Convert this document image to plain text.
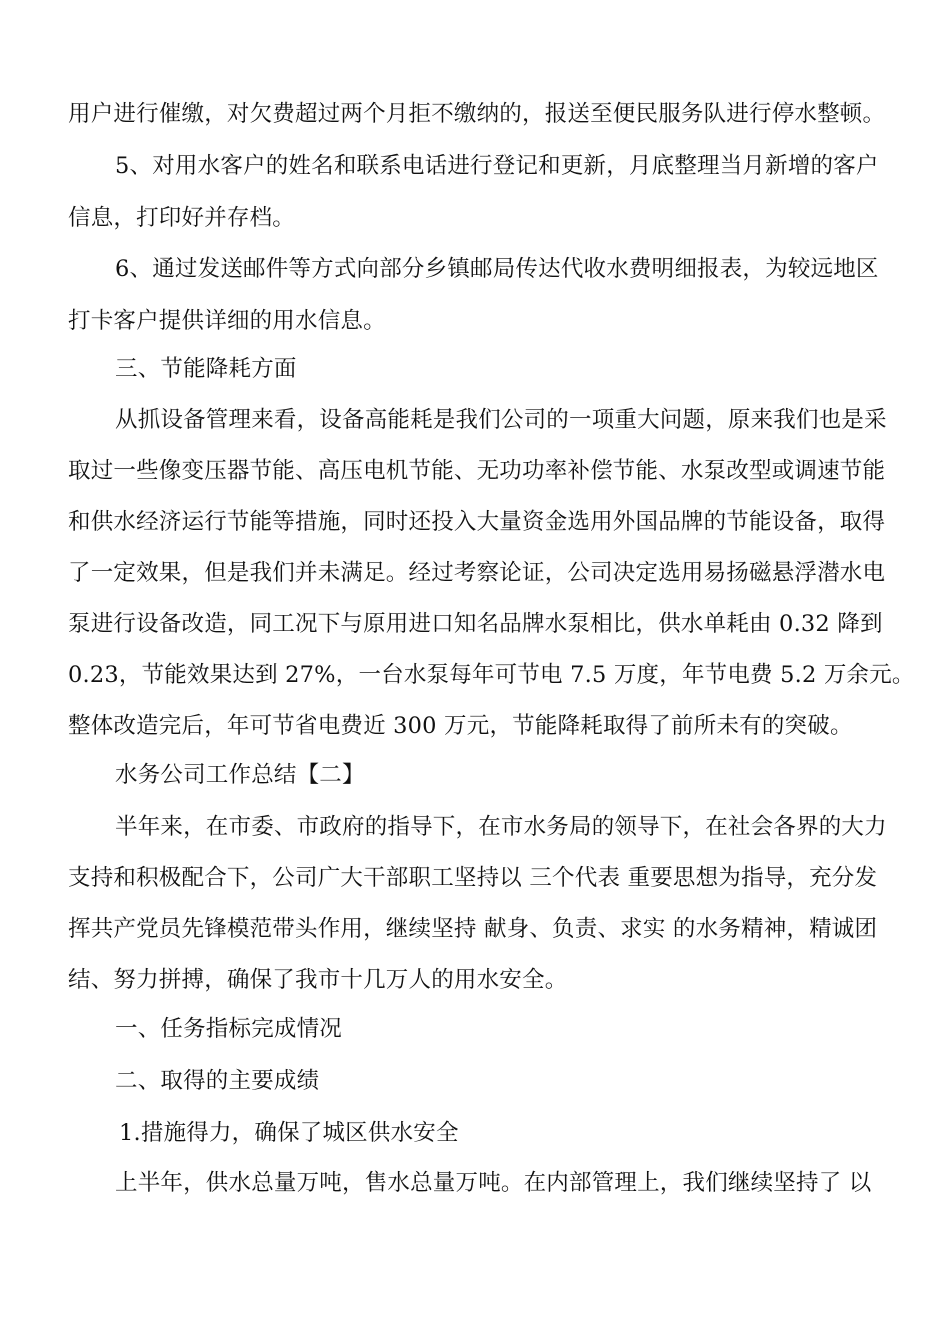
用户进行催缴，对欠费超过两个月拒不缴纳的，报送至便民服务队进行停水整顿。
5、对用水客户的姓名和联系电话进行登记和更新，月底整理当月新增的客户
信息，打印好并存档。
6、通过发送邮件等方式向部分乡镇邮局传达代收水费明细报表，为较远地区
打卡客户提供详细的用水信息。
三、节能降耗方面
从抓设备管理来看，设备高能耗是我们公司的一项重大问题，原来我们也是采
取过一些像变压器节能、高压电机节能、无功功率补偿节能、水泵改型或调速节能
和供水经济运行节能等措施，同时还投入大量资金选用外国品牌的节能设备，取得
了一定效果，但是我们并未满足。经过考察论证，公司决定选用易扬磁悬浮潜水电
泵进行设备改造，同工况下与原用进口知名品牌水泵相比，供水单耗由 0.32 降到
0.23，节能效果达到 27%，一台水泵每年可节电 7.5 万度，年节电费 5.2 万余元。
整体改造完后，年可节省电费近 300 万元，节能降耗取得了前所未有的突破。
水务公司工作总结【二】
半年来，在市委、市政府的指导下，在市水务局的领导下，在社会各界的大力
支持和积极配合下，公司广大干部职工坚持以 三个代表 重要思想为指导，充分发
挥共产党员先锋模范带头作用，继续坚持 献身、负责、求实 的水务精神，精诚团
结、努力拼搏，确保了我市十几万人的用水安全。
一、任务指标完成情况
二、取得的主要成绩
1.措施得力，确保了城区供水安全
上半年，供水总量万吨，售水总量万吨。在内部管理上，我们继续坚持了 以
